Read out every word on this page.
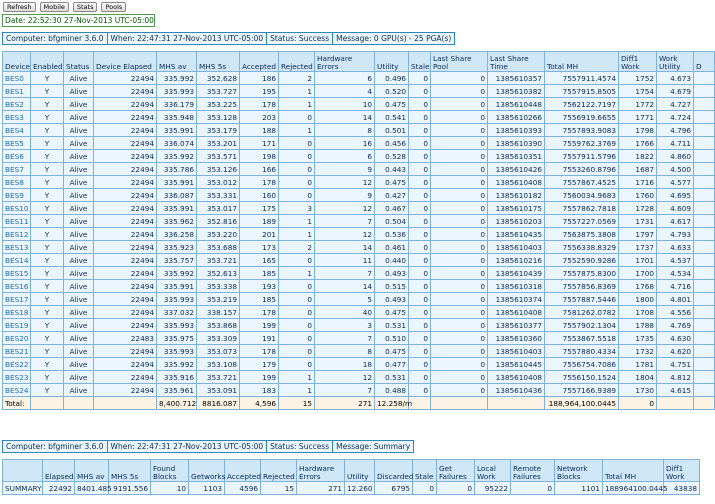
Refresh	Mobile	Stats	Pools
Date: 22:52:30 27-Nov-2013 UTC-05:00
Computer: bfgminer 3.6.0 When: 22:47:31 27-Nov-2013 UTC-05:00 Status: Success Message: 0 GPU(s) - 25 PGA(s)
Device	Enabled	Status	Device Elapsed	MHS av	MHS 5s	Accepted	Rejected	Hardware Errors	Utility	Stale	Last Share Pool	Last Share Time	Total MH	Diff1 Work	Work Utility	D
BES0	Y	Alive	22494	335.992	352.628	186	2	6	0.496	0	0	1385610357	7557911.4574	1752	4.673	
BES1	Y	Alive	22494	335.993	353.727	195	1	4	0.520	0	0	1385610382	7557915.8505	1754	4.679	
BES2	Y	Alive	22494	336.179	353.225	178	1	10	0.475	0	0	1385610448	7562122.7197	1772	4.727	
BES3	Y	Alive	22494	335.948	353.128	203	0	14	0.541	0	0	1385610266	7556919.6655	1771	4.724	
BES4	Y	Alive	22494	335.991	353.179	188	1	8	0.501	0	0	1385610393	7557893.9083	1798	4.796	
BES5	Y	Alive	22494	336.074	353.201	171	0	16	0.456	0	0	1385610390	7559762.3769	1766	4.711	
BES6	Y	Alive	22494	335.992	353.571	198	0	6	0.528	0	0	1385610351	7557911.5796	1822	4.860	
BES7	Y	Alive	22494	335.786	353.126	166	0	9	0.443	0	0	1385610426	7553260.8796	1687	4.500	
BES8	Y	Alive	22494	335.991	353.012	178	0	12	0.475	0	0	1385610408	7557867.4525	1716	4.577	
BES9	Y	Alive	22494	336.087	353.331	160	0	9	0.427	0	0	1385610182	7560034.9683	1760	4.695	
BES10	Y	Alive	22494	335.991	353.017	175	3	12	0.467	0	0	1385610175	7557862.7818	1728	4.609	
BES11	Y	Alive	22494	335.962	352.816	189	1	7	0.504	0	0	1385610203	7557227.0569	1731	4.617	
BES12	Y	Alive	22494	336.258	353.220	201	1	12	0.536	0	0	1385610435	7563875.3808	1797	4.793	
BES13	Y	Alive	22494	335.923	353.688	173	2	14	0.461	0	0	1385610403	7556338.8329	1737	4.633	
BES14	Y	Alive	22494	335.757	353.721	165	0	11	0.440	0	0	1385610216	7552590.9286	1701	4.537	
BES15	Y	Alive	22494	335.992	352.613	185	1	7	0.493	0	0	1385610439	7557875.8300	1700	4.534	
BES16	Y	Alive	22494	335.991	353.338	193	0	14	0.515	0	0	1385610318	7557856.8369	1768	4.716	
BES17	Y	Alive	22494	335.993	353.219	185	0	5	0.493	0	0	1385610374	7557887.5446	1800	4.801	
BES18	Y	Alive	22494	337.032	338.157	178	0	40	0.475	0	0	1385610408	7581262.0782	1708	4.556	
BES19	Y	Alive	22494	335.993	353.868	199	0	3	0.531	0	0	1385610377	7557902.1304	1788	4.769	
BES20	Y	Alive	22483	335.975	353.309	191	0	7	0.510	0	0	1385610360	7553867.5518	1735	4.630	
BES21	Y	Alive	22494	335.993	353.073	178	0	8	0.475	0	0	1385610403	7557880.4334	1732	4.620	
BES22	Y	Alive	22494	335.992	353.108	179	0	18	0.477	0	0	1385610445	7556754.7086	1781	4.751	
BES23	Y	Alive	22494	335.916	353.721	199	1	12	0.531	0	0	1385610408	7556150.1524	1804	4.812	
BES24	Y	Alive	22494	335.961	353.091	183	1	7	0.488	0	0	1385610436	7557166.9389	1730	4.615	
Total:				8,400.712	8816.087	4,596	15	271	12.258/m				188,964,100.0445	0		
Computer: bfgminer 3.6.0 When: 22:47:31 27-Nov-2013 UTC-05:00 Status: Success Message: Summary
	Elapsed	MHS av	MHS 5s	Found Blocks	Getworks	Accepted	Rejected	Hardware Errors	Utility	Discarded	Stale	Get Failures	Local Work	Remote Failures	Network Blocks	Total MH	Diff1 Work
SUMMARY	22492	8401.485	9191.556	10	1103	4596	15	271	12.260	6795	0	0	95222	0	1101	188964100.0445	43838
